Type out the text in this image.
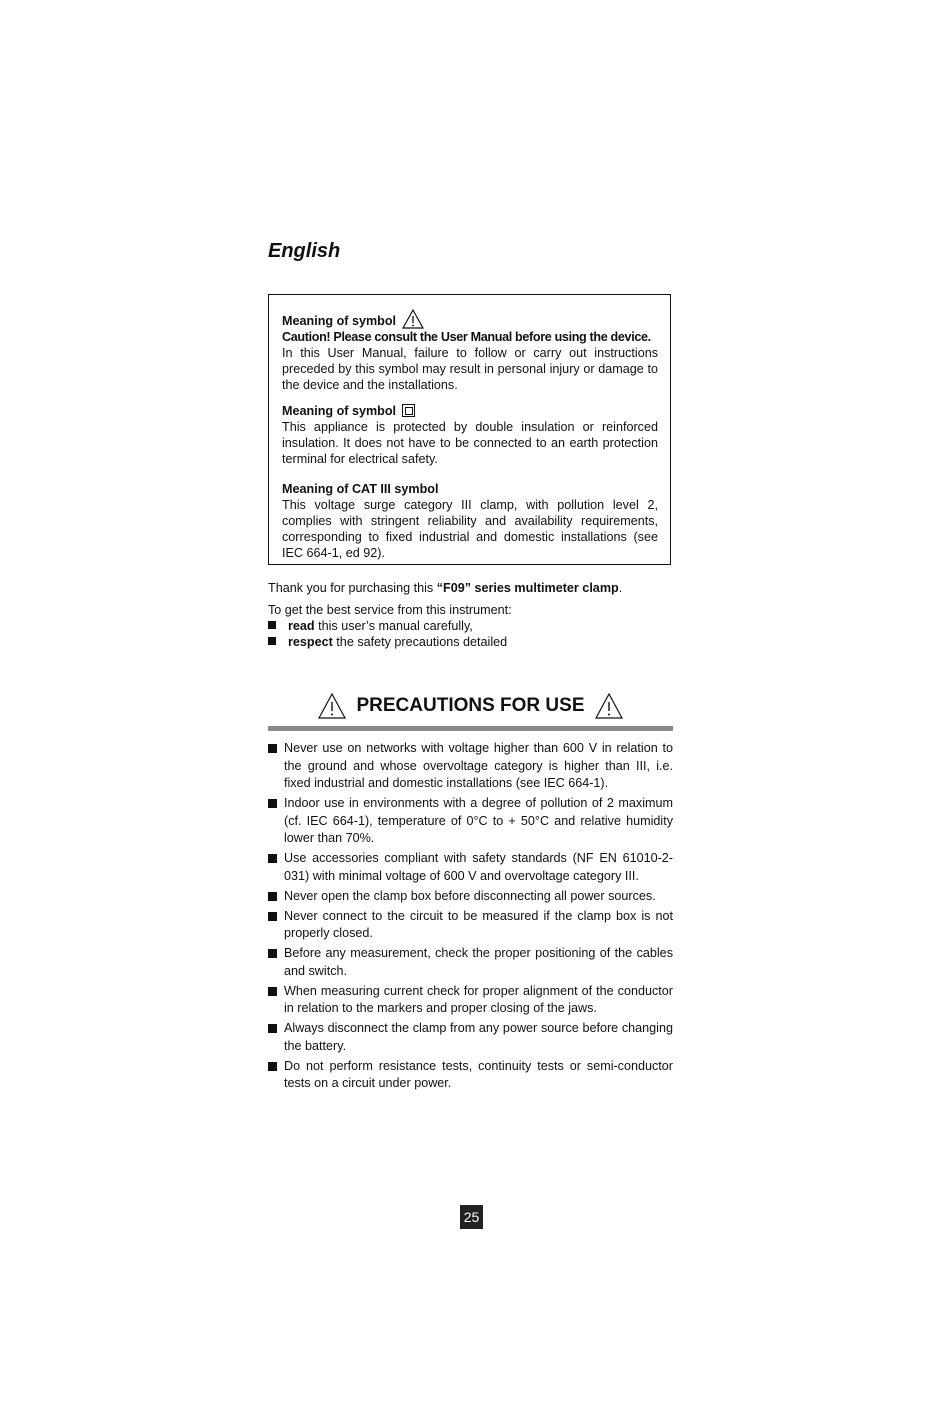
English
Meaning of symbol
Caution! Please consult the User Manual before using the device.
In this User Manual, failure to follow or carry out instructions preceded by this symbol may result in personal injury or damage to the device and the installations.
Meaning of symbol
This appliance is protected by double insulation or reinforced insulation. It does not have to be connected to an earth protection terminal for electrical safety.
Meaning of CAT III symbol
This voltage surge category III clamp, with pollution level 2, complies with stringent reliability and availability requirements, corresponding to fixed industrial and domestic installations (see IEC 664-1, ed 92).

Thank you for purchasing this “F09” series multimeter clamp.

To get the best service from this instrument:

read this user’s manual carefully,

respect the safety precautions detailed

PRECAUTIONS FOR USE
Never use on networks with voltage higher than 600 V in relation to the ground and whose overvoltage category is higher than III, i.e. fixed industrial and domestic installations (see IEC 664-1).
Indoor use in environments with a degree of pollution of 2 maximum (cf. IEC 664-1), temperature of 0°C to + 50°C and relative humidity lower than 70%.
Use accessories compliant with safety standards (NF EN 61010-2-031) with minimal voltage of 600 V and overvoltage category III.
Never open the clamp box before disconnecting all power sources.
Never connect to the circuit to be measured if the clamp box is not properly closed.
Before any measurement, check the proper positioning of the cables and switch.
When measuring current check for proper alignment of the conductor in relation to the markers and proper closing of the jaws.
Always disconnect the clamp from any power source before changing the battery.
Do not perform resistance tests, continuity tests or semi-conductor tests on a circuit under power.
25
